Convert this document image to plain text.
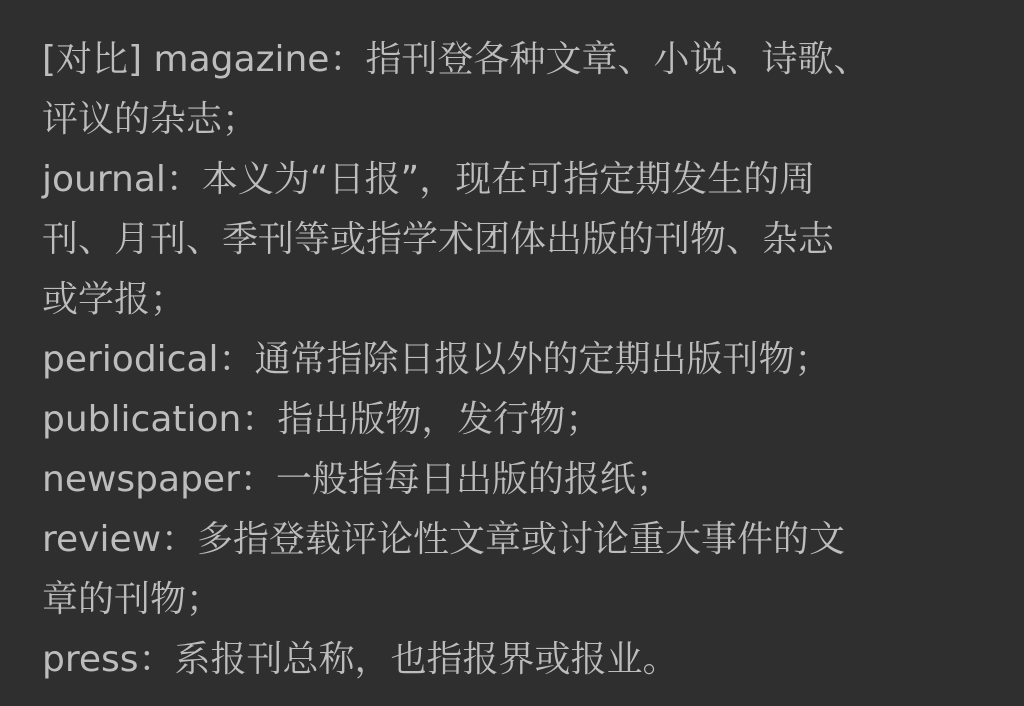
[对比] magazine：指刊登各种文章、小说、诗歌、
评议的杂志；
journal：本义为“日报”，现在可指定期发生的周
刊、月刊、季刊等或指学术团体出版的刊物、杂志
或学报；
periodical：通常指除日报以外的定期出版刊物；
publication：指出版物，发行物；
newspaper：一般指每日出版的报纸；
review：多指登载评论性文章或讨论重大事件的文
章的刊物；
press：系报刊总称，也指报界或报业。
